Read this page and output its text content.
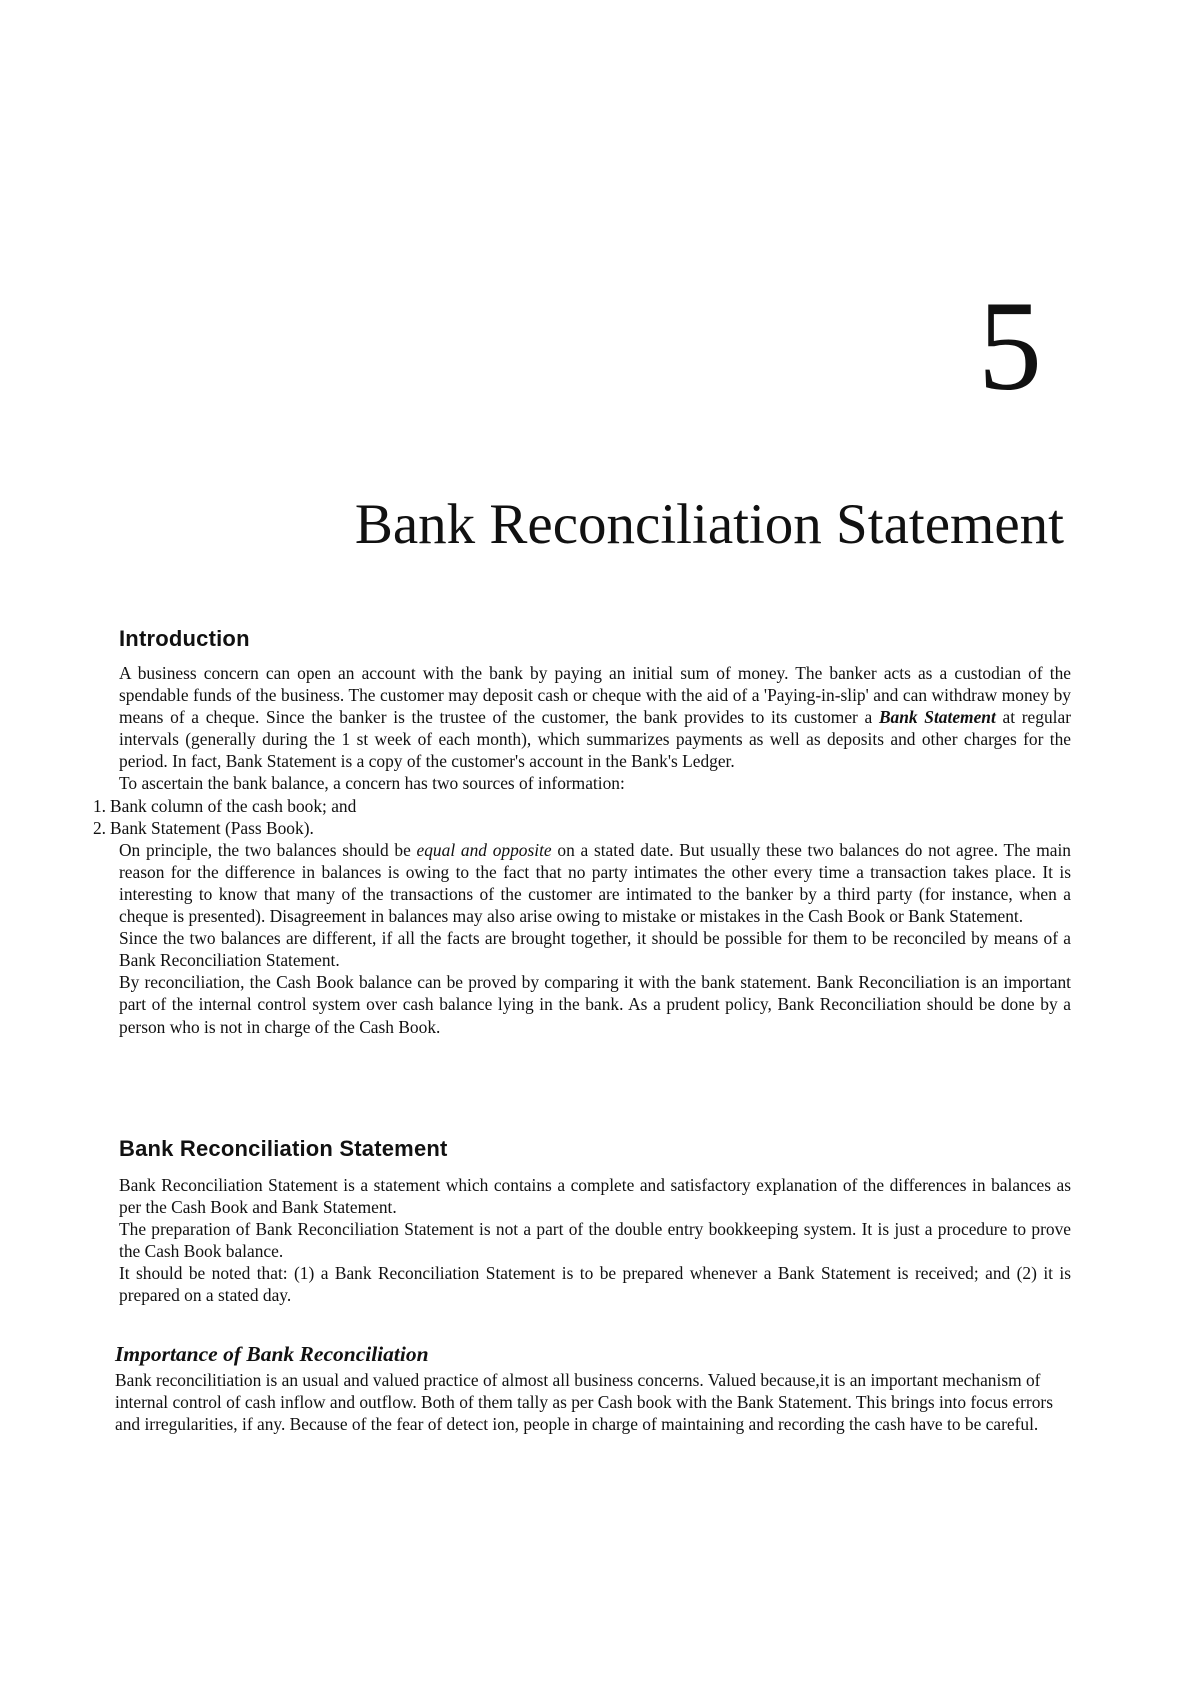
5
Bank Reconciliation Statement
Introduction

A business concern can open an account with the bank by paying an initial sum of money. The banker acts as a custodian of the spendable funds of the business. The customer may deposit cash or cheque with the aid of a 'Paying-in-slip' and can withdraw money by means of a cheque. Since the banker is the trustee of the customer, the bank provides to its customer a Bank Statement at regular intervals (generally during the 1 st week of each month), which summarizes payments as well as deposits and other charges for the period. In fact, Bank Statement is a copy of the customer's account in the Bank's Ledger.

To ascertain the bank balance, a concern has two sources of information:

1. Bank column of the cash book; and
2. Bank Statement (Pass Book).

On principle, the two balances should be equal and opposite on a stated date. But usually these two balances do not agree. The main reason for the difference in balances is owing to the fact that no party intimates the other every time a transaction takes place. It is interesting to know that many of the transactions of the customer are intimated to the banker by a third party (for instance, when a cheque is presented). Disagreement in balances may also arise owing to mistake or mistakes in the Cash Book or Bank Statement.

Since the two balances are different, if all the facts are brought together, it should be possible for them to be reconciled by means of a Bank Reconciliation Statement.

By reconciliation, the Cash Book balance can be proved by comparing it with the bank statement. Bank Reconciliation is an important part of the internal control system over cash balance lying in the bank. As a prudent policy, Bank Reconciliation should be done by a person who is not in charge of the Cash Book.

Bank Reconciliation Statement

Bank Reconciliation Statement is a statement which contains a complete and satisfactory explanation of the differences in balances as per the Cash Book and Bank Statement.

The preparation of Bank Reconciliation Statement is not a part of the double entry bookkeeping system. It is just a procedure to prove the Cash Book balance.

It should be noted that: (1) a Bank Reconciliation Statement is to be prepared whenever a Bank Statement is received; and (2) it is prepared on a stated day.

Importance of Bank Reconciliation
Bank reconcilitiation is an usual and valued practice of almost all business concerns. Valued because,it is an important mechanism of internal control of cash inflow and outflow. Both of them tally as per Cash book with the Bank Statement. This brings into focus errors and irregularities, if any. Because of the fear of detect ion, people in charge of maintaining and recording the cash have to be careful.
